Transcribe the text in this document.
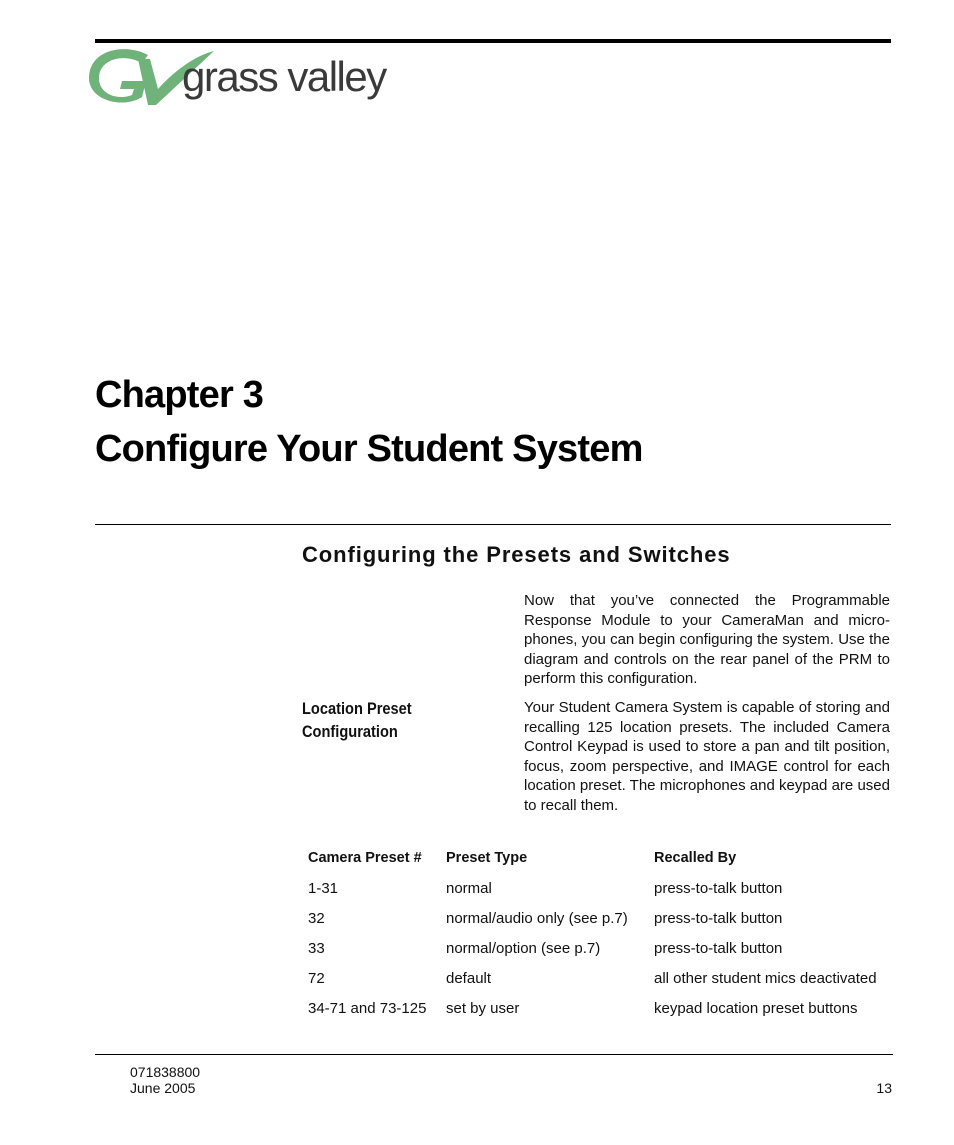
grass valley
Chapter 3
Configure Your Student System
Configuring the Presets and Switches

Now that you’ve connected the Programmable Response Module to your CameraMan and micro-phones, you can begin configuring the system. Use the diagram and controls on the rear panel of the PRM to perform this configuration.

Location Preset
Configuration

Your Student Camera System is capable of storing and recalling 125 location presets. The included Camera Control Keypad is used to store a pan and tilt position, focus, zoom perspective, and IMAGE control for each location preset. The microphones and keypad are used to recall them.

Camera Preset #	Preset Type	Recalled By
1-31	normal	press-to-talk button
32	normal/audio only (see p.7)	press-to-talk button
33	normal/option (see p.7)	press-to-talk button
72	default	all other student mics deactivated
34-71 and 73-125	set by user	keypad location preset buttons
071838800
June 2005	13
